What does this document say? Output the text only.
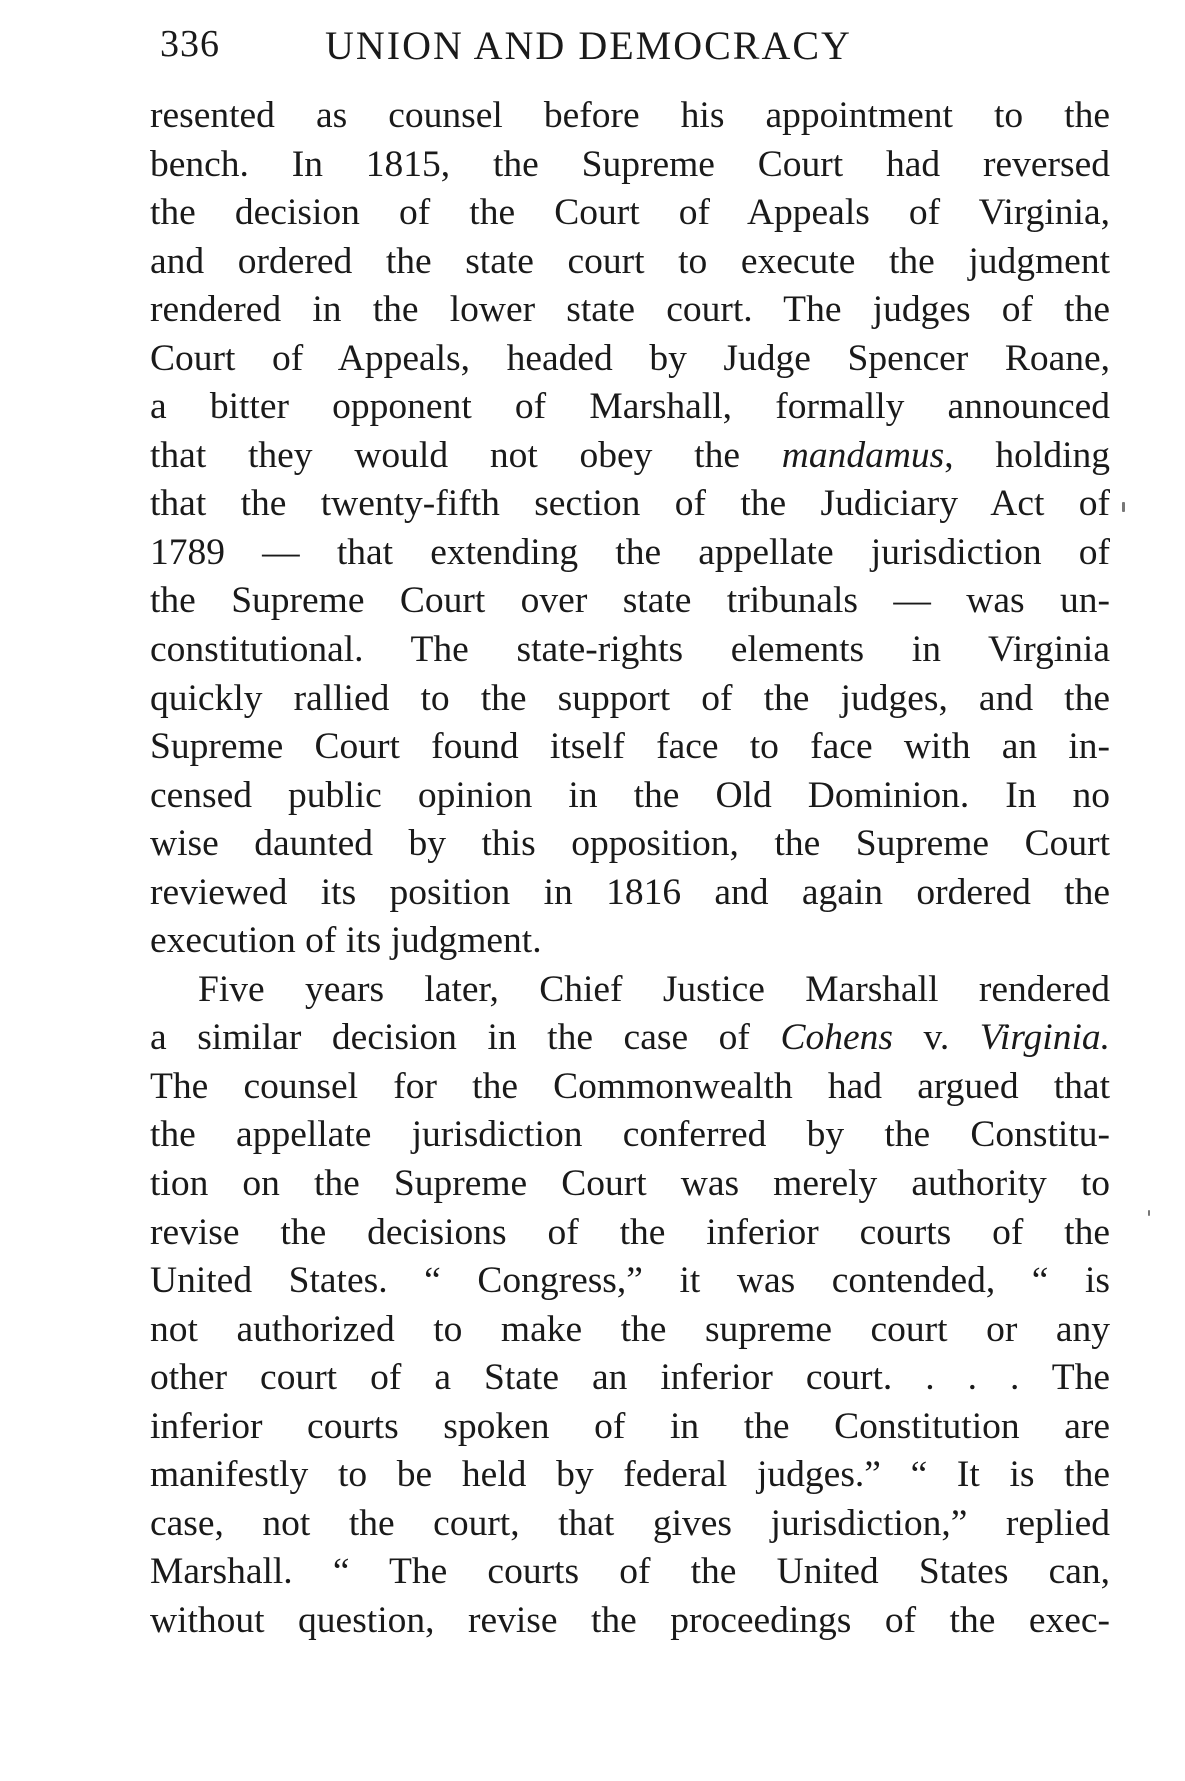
336	UNION AND DEMOCRACY
resented as counsel before his appointment to the
bench. In 1815, the Supreme Court had reversed
the decision of the Court of Appeals of Virginia,
and ordered the state court to execute the judgment
rendered in the lower state court. The judges of the
Court of Appeals, headed by Judge Spencer Roane,
a bitter opponent of Marshall, formally announced
that they would not obey the mandamus, holding
that the twenty-fifth section of the Judiciary Act of
1789 — that extending the appellate jurisdiction of
the Supreme Court over state tribunals — was un-
constitutional. The state-rights elements in Virginia
quickly rallied to the support of the judges, and the
Supreme Court found itself face to face with an in-
censed public opinion in the Old Dominion. In no
wise daunted by this opposition, the Supreme Court
reviewed its position in 1816 and again ordered the
execution of its judgment.
Five years later, Chief Justice Marshall rendered
a similar decision in the case of Cohens v. Virginia.
The counsel for the Commonwealth had argued that
the appellate jurisdiction conferred by the Constitu-
tion on the Supreme Court was merely authority to
revise the decisions of the inferior courts of the
United States. “ Congress,” it was contended, “ is
not authorized to make the supreme court or any
other court of a State an inferior court. . . . The
inferior courts spoken of in the Constitution are
manifestly to be held by federal judges.” “ It is the
case, not the court, that gives jurisdiction,” replied
Marshall. “ The courts of the United States can,
without question, revise the proceedings of the exec-
